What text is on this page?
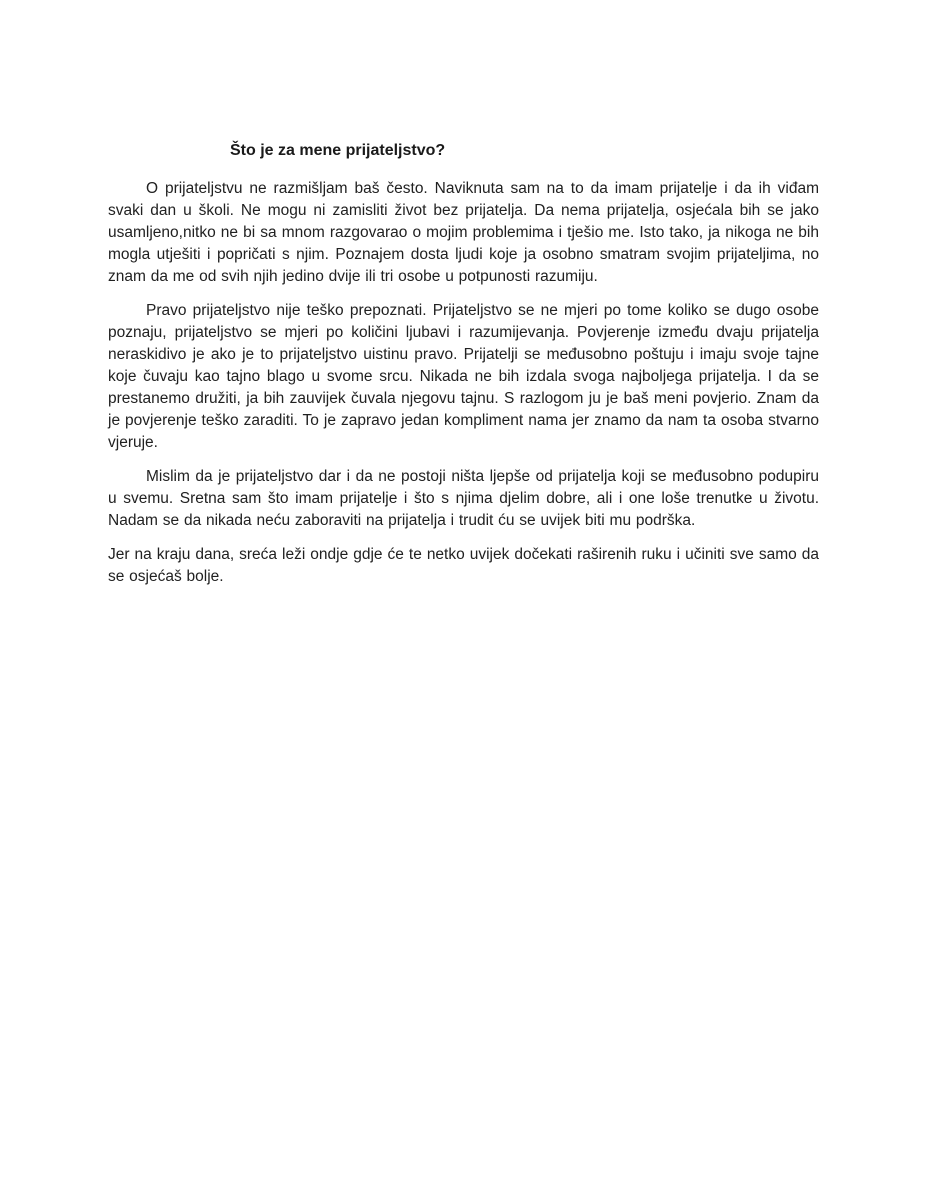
Što je za mene prijateljstvo?

O prijateljstvu ne razmišljam baš često. Naviknuta sam na to da imam prijatelje i da ih viđam svaki dan u školi. Ne mogu ni zamisliti život bez prijatelja. Da nema prijatelja, osjećala bih se jako usamljeno,nitko ne bi sa mnom razgovarao o mojim problemima i tješio me. Isto tako, ja nikoga ne bih mogla utješiti i popričati s njim. Poznajem dosta ljudi koje ja osobno smatram svojim prijateljima, no znam da me od svih njih jedino dvije ili tri osobe u potpunosti razumiju.

Pravo prijateljstvo nije teško prepoznati. Prijateljstvo se ne mjeri po tome koliko se dugo osobe poznaju, prijateljstvo se mjeri po količini ljubavi i razumijevanja. Povjerenje između dvaju prijatelja neraskidivo je ako je to prijateljstvo uistinu pravo. Prijatelji se međusobno poštuju i imaju svoje tajne koje čuvaju kao tajno blago u svome srcu. Nikada ne bih izdala svoga najboljega prijatelja. I da se prestanemo družiti, ja bih zauvijek čuvala njegovu tajnu. S razlogom ju je baš meni povjerio. Znam da je povjerenje teško zaraditi. To je zapravo jedan kompliment nama jer znamo da nam ta osoba stvarno vjeruje.

Mislim da je prijateljstvo dar i da ne postoji ništa ljepše od prijatelja koji se međusobno podupiru u svemu. Sretna sam što imam prijatelje i što s njima djelim dobre, ali i one loše trenutke u životu. Nadam se da nikada neću zaboraviti na prijatelja i trudit ću se uvijek biti mu podrška.

Jer na kraju dana, sreća leži ondje gdje će te netko uvijek dočekati raširenih ruku i učiniti sve samo da se osjećaš bolje.
